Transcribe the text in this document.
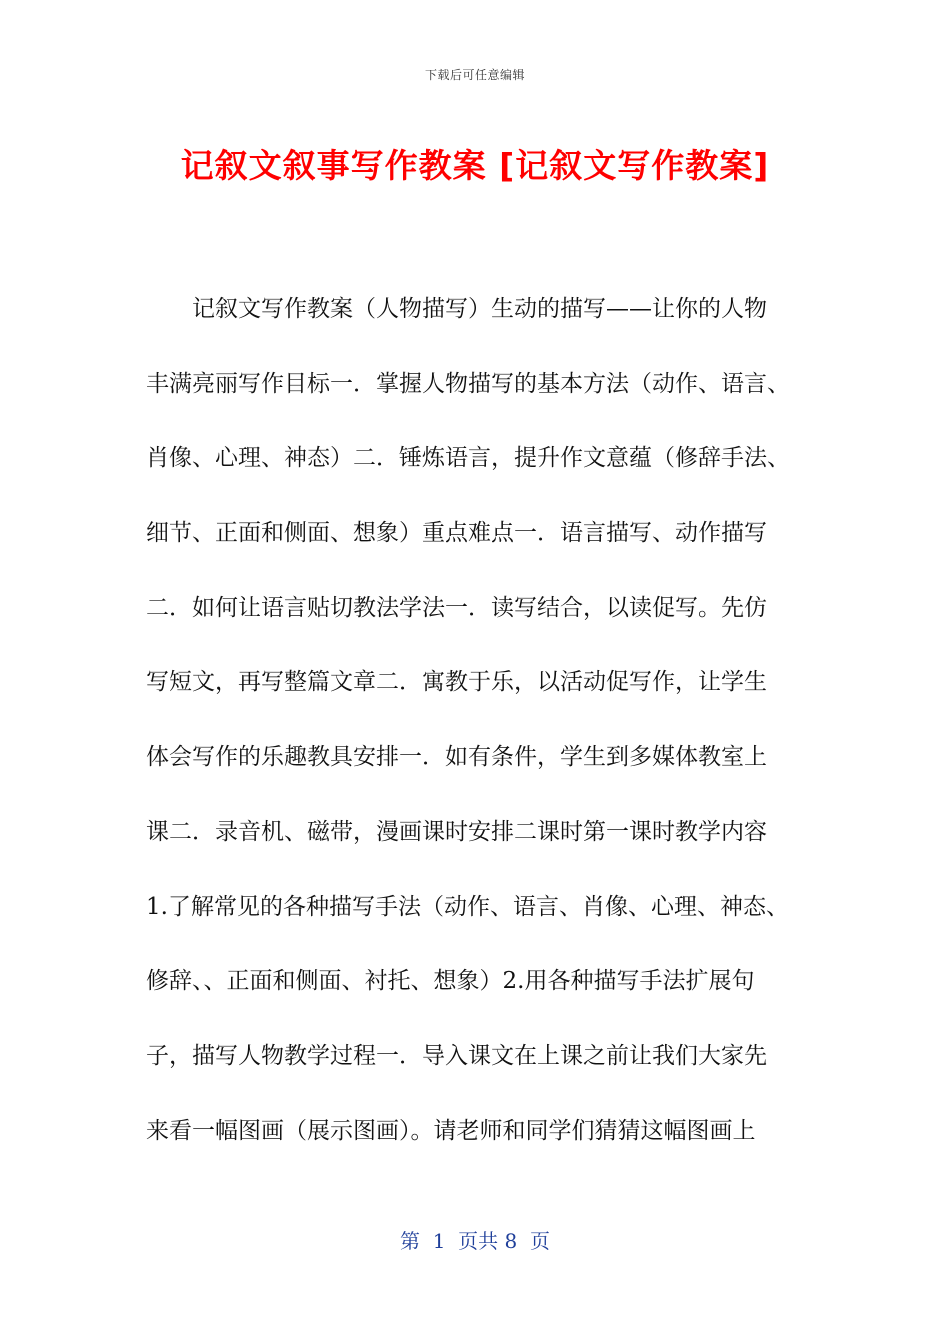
下载后可任意编辑
记叙文叙事写作教案 [记叙文写作教案]
　　记叙文写作教案（人物描写）生动的描写——让你的人物
丰满亮丽写作目标一．掌握人物描写的基本方法（动作、语言、
肖像、心理、神态）二．锤炼语言，提升作文意蕴（修辞手法、
细节、正面和侧面、想象）重点难点一．语言描写、动作描写
二．如何让语言贴切教法学法一．读写结合，以读促写。先仿
写短文，再写整篇文章二．寓教于乐，以活动促写作，让学生
体会写作的乐趣教具安排一．如有条件，学生到多媒体教室上
课二．录音机、磁带，漫画课时安排二课时第一课时教学内容
1.了解常见的各种描写手法（动作、语言、肖像、心理、神态、
修辞、、正面和侧面、衬托、想象）2.用各种描写手法扩展句
子，描写人物教学过程一．导入课文在上课之前让我们大家先
来看一幅图画（展示图画）。请老师和同学们猜猜这幅图画上
第  1  页共 8  页
